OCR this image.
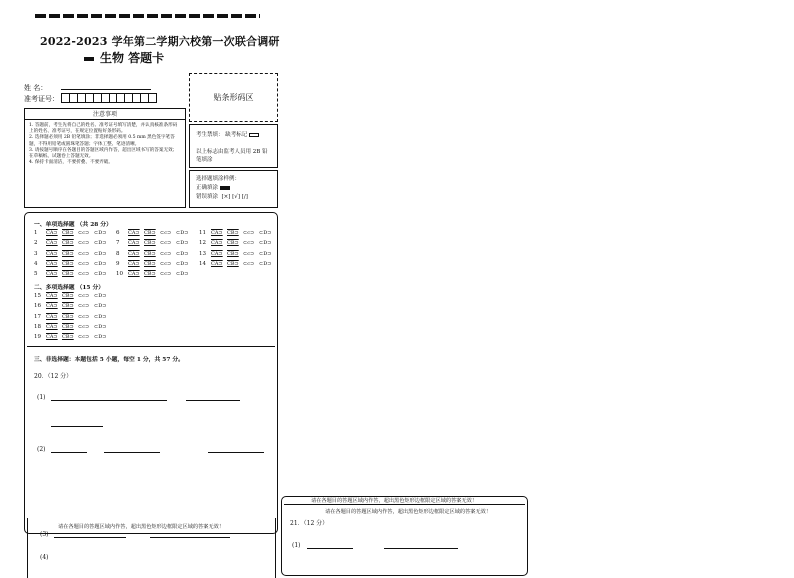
2022-2023 学年第二学期六校第一次联合调研
生物 答题卡
姓 名：
准考证号：	贴条形码区
注意事项
1. 答题前，考生先将自己的姓名、准考证号填写清楚，并认真核准条形码上的姓名、准考证号，在规定位置贴好条形码。
2. 选择题必须用 2B 铅笔填涂；非选择题必须用 0.5 mm 黑色签字笔答题，不得用铅笔或圆珠笔答题；字体工整、笔迹清晰。
3. 请按题号顺序在各题目的答题区域内作答，超出区域书写的答案无效；在草稿纸、试题卷上答题无效。
4. 保持卡面清洁，不要折叠、不要弄破。
考生禁填： 缺考标记
以上标志由监考人员用 2B 铅笔填涂
选择题填涂样例：
正确填涂
错误填涂 [×] [√] [/]
一、单项选择题 （共 28 分）
1	CA⊃ CB⊃ ⊂c⊃ ⊂D⊃
2	CA⊃ CB⊃ ⊂c⊃ ⊂D⊃
3	CA⊃ CB⊃ ⊂c⊃ ⊂D⊃
4	CA⊃ CB⊃ ⊂c⊃ ⊂D⊃
5	CA⊃ CB⊃ ⊂c⊃ ⊂D⊃
6	CA⊃ CB⊃ ⊂c⊃ ⊂D⊃
7	CA⊃ CB⊃ ⊂c⊃ ⊂D⊃
8	CA⊃ CB⊃ ⊂c⊃ ⊂D⊃
9	CA⊃ CB⊃ ⊂c⊃ ⊂D⊃
10	CA⊃ CB⊃ ⊂c⊃ ⊂D⊃
11	CA⊃ CB⊃ ⊂c⊃ ⊂D⊃
12	CA⊃ CB⊃ ⊂c⊃ ⊂D⊃
13	CA⊃ CB⊃ ⊂c⊃ ⊂D⊃
14	CA⊃ CB⊃ ⊂c⊃ ⊂D⊃
二、多项选择题 （15 分）
15	CA⊃ CB⊃ ⊂c⊃ ⊂D⊃
16	CA⊃ CB⊃ ⊂c⊃ ⊂D⊃
17	CA⊃ CB⊃ ⊂c⊃ ⊂D⊃
18	CA⊃ CB⊃ ⊂c⊃ ⊂D⊃
19	CA⊃ CB⊃ ⊂c⊃ ⊂D⊃
三、非选择题：本题包括 5 小题，每空 1 分，共 57 分。
20．（12 分）
(1)
(2)
请在各题目的答题区域内作答，超出黑色矩形边框限定区域的答案无效！
(3)
(4)
请在各题目的答题区域内作答，超出黑色矩形边框限定区域的答案无效！
请在各题目的答题区域内作答，超出黑色矩形边框限定区域的答案无效！
21．（12 分）
(1)
